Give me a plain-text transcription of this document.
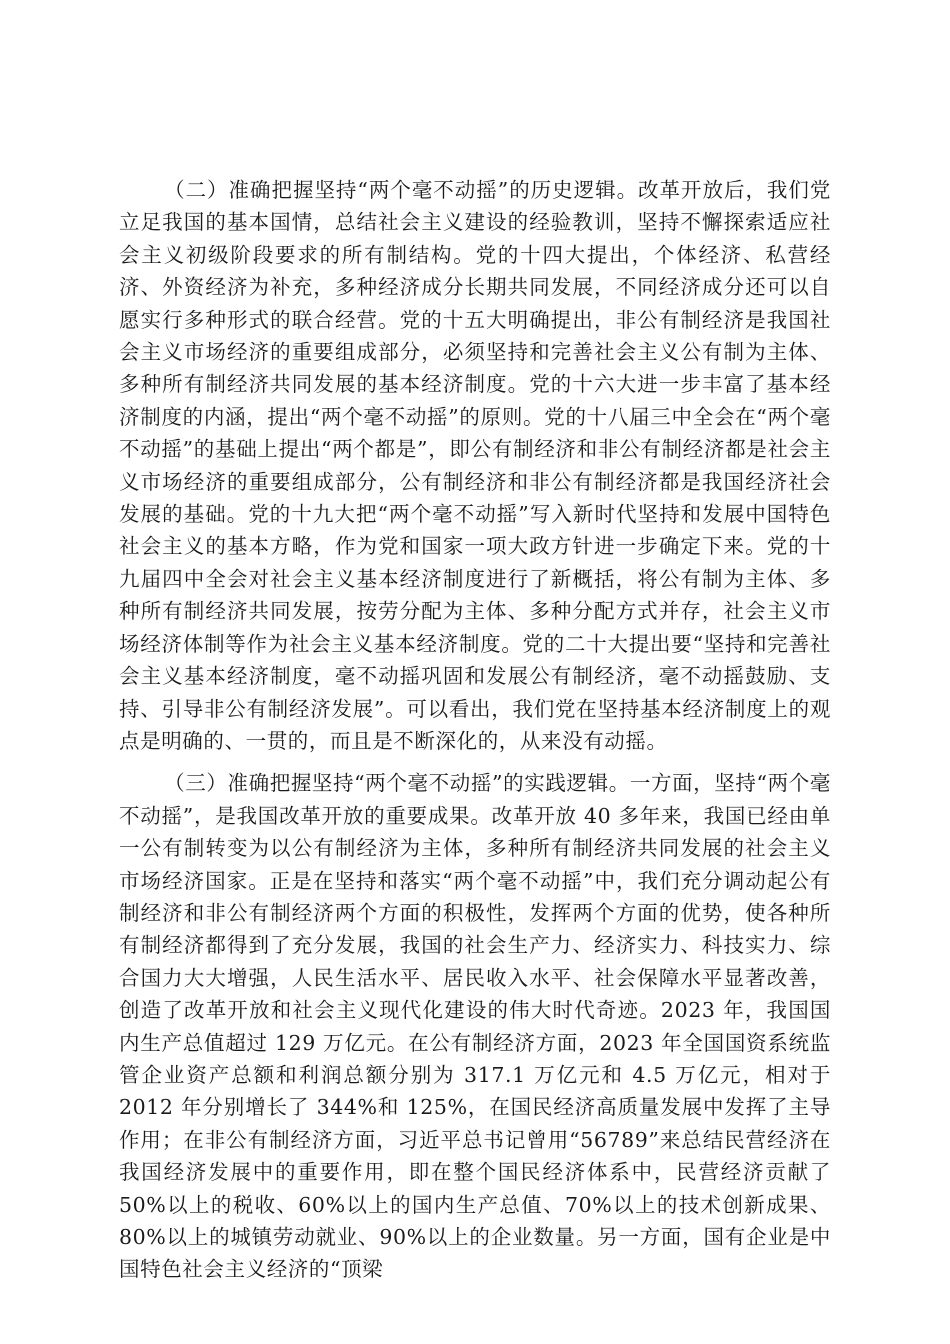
（二）准确把握坚持“两个毫不动摇”的历史逻辑。改革开放后，我们党立足我国的基本国情，总结社会主义建设的经验教训，坚持不懈探索适应社会主义初级阶段要求的所有制结构。党的十四大提出，个体经济、私营经济、外资经济为补充，多种经济成分长期共同发展，不同经济成分还可以自愿实行多种形式的联合经营。党的十五大明确提出，非公有制经济是我国社会主义市场经济的重要组成部分，必须坚持和完善社会主义公有制为主体、多种所有制经济共同发展的基本经济制度。党的十六大进一步丰富了基本经济制度的内涵，提出“两个毫不动摇”的原则。党的十八届三中全会在“两个毫不动摇”的基础上提出“两个都是”，即公有制经济和非公有制经济都是社会主义市场经济的重要组成部分，公有制经济和非公有制经济都是我国经济社会发展的基础。党的十九大把“两个毫不动摇”写入新时代坚持和发展中国特色社会主义的基本方略，作为党和国家一项大政方针进一步确定下来。党的十九届四中全会对社会主义基本经济制度进行了新概括，将公有制为主体、多种所有制经济共同发展，按劳分配为主体、多种分配方式并存，社会主义市场经济体制等作为社会主义基本经济制度。党的二十大提出要“坚持和完善社会主义基本经济制度，毫不动摇巩固和发展公有制经济，毫不动摇鼓励、支持、引导非公有制经济发展”。可以看出，我们党在坚持基本经济制度上的观点是明确的、一贯的，而且是不断深化的，从来没有动摇。

（三）准确把握坚持“两个毫不动摇”的实践逻辑。一方面，坚持“两个毫不动摇”，是我国改革开放的重要成果。改革开放 40 多年来，我国已经由单一公有制转变为以公有制经济为主体，多种所有制经济共同发展的社会主义市场经济国家。正是在坚持和落实“两个毫不动摇”中，我们充分调动起公有制经济和非公有制经济两个方面的积极性，发挥两个方面的优势，使各种所有制经济都得到了充分发展，我国的社会生产力、经济实力、科技实力、综合国力大大增强，人民生活水平、居民收入水平、社会保障水平显著改善，创造了改革开放和社会主义现代化建设的伟大时代奇迹。2023 年，我国国内生产总值超过 129 万亿元。在公有制经济方面，2023 年全国国资系统监管企业资产总额和利润总额分别为 317.1 万亿元和 4.5 万亿元，相对于 2012 年分别增长了 344%和 125%，在国民经济高质量发展中发挥了主导作用；在非公有制经济方面，习近平总书记曾用“56789”来总结民营经济在我国经济发展中的重要作用，即在整个国民经济体系中，民营经济贡献了 50%以上的税收、60%以上的国内生产总值、70%以上的技术创新成果、80%以上的城镇劳动就业、90%以上的企业数量。另一方面，国有企业是中国特色社会主义经济的“顶梁
